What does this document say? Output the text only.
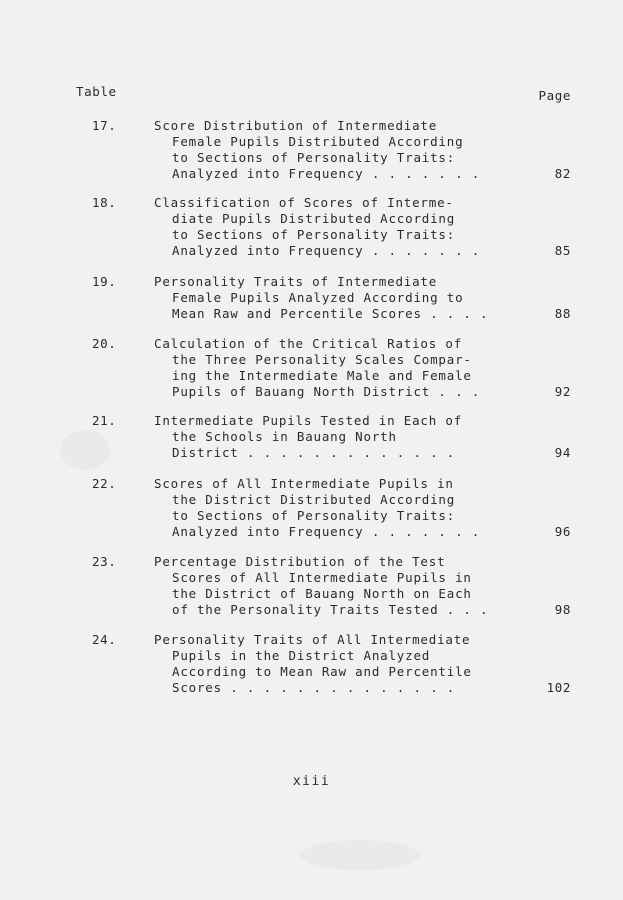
Table	Page
17.	Score Distribution of Intermediate
Female Pupils Distributed According
to Sections of Personality Traits:
Analyzed into Frequency . . . . . . .	82
18.	Classification of Scores of Interme-
diate Pupils Distributed According
to Sections of Personality Traits:
Analyzed into Frequency . . . . . . .	85
19.	Personality Traits of Intermediate
Female Pupils Analyzed According to
Mean Raw and Percentile Scores . . . .	88
20.	Calculation of the Critical Ratios of
the Three Personality Scales Compar-
ing the Intermediate Male and Female
Pupils of Bauang North District . . .	92
21.	Intermediate Pupils Tested in Each of
the Schools in Bauang North
District . . . . . . . . . . . . .	94
22.	Scores of All Intermediate Pupils in
the District Distributed According
to Sections of Personality Traits:
Analyzed into Frequency . . . . . . .	96
23.	Percentage Distribution of the Test
Scores of All Intermediate Pupils in
the District of Bauang North on Each
of the Personality Traits Tested . . .	98
24.	Personality Traits of All Intermediate
Pupils in the District Analyzed
According to Mean Raw and Percentile
Scores . . . . . . . . . . . . . .	102
xiii
